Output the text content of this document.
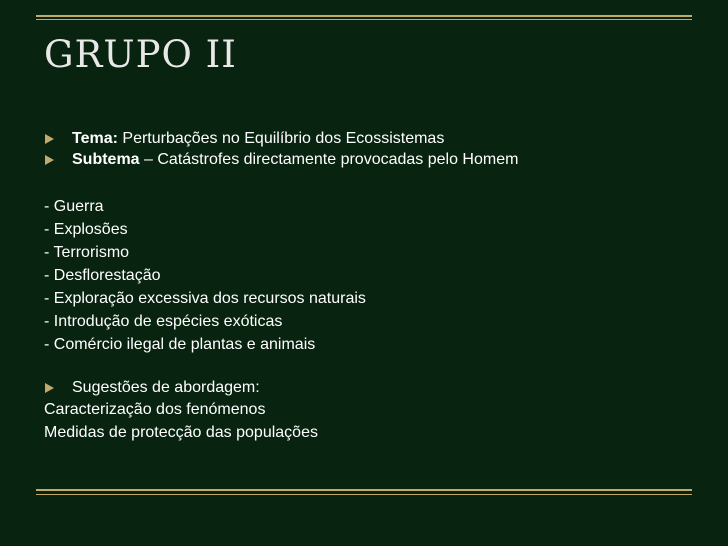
GRUPO II
Tema: Perturbações no Equilíbrio dos Ecossistemas
Subtema – Catástrofes directamente provocadas pelo Homem
- Guerra
- Explosões
- Terrorismo
- Desflorestação
- Exploração excessiva dos recursos naturais
- Introdução de espécies exóticas
- Comércio ilegal de plantas e animais
Sugestões de abordagem:
Caracterização dos fenómenos
Medidas de protecção das populações
